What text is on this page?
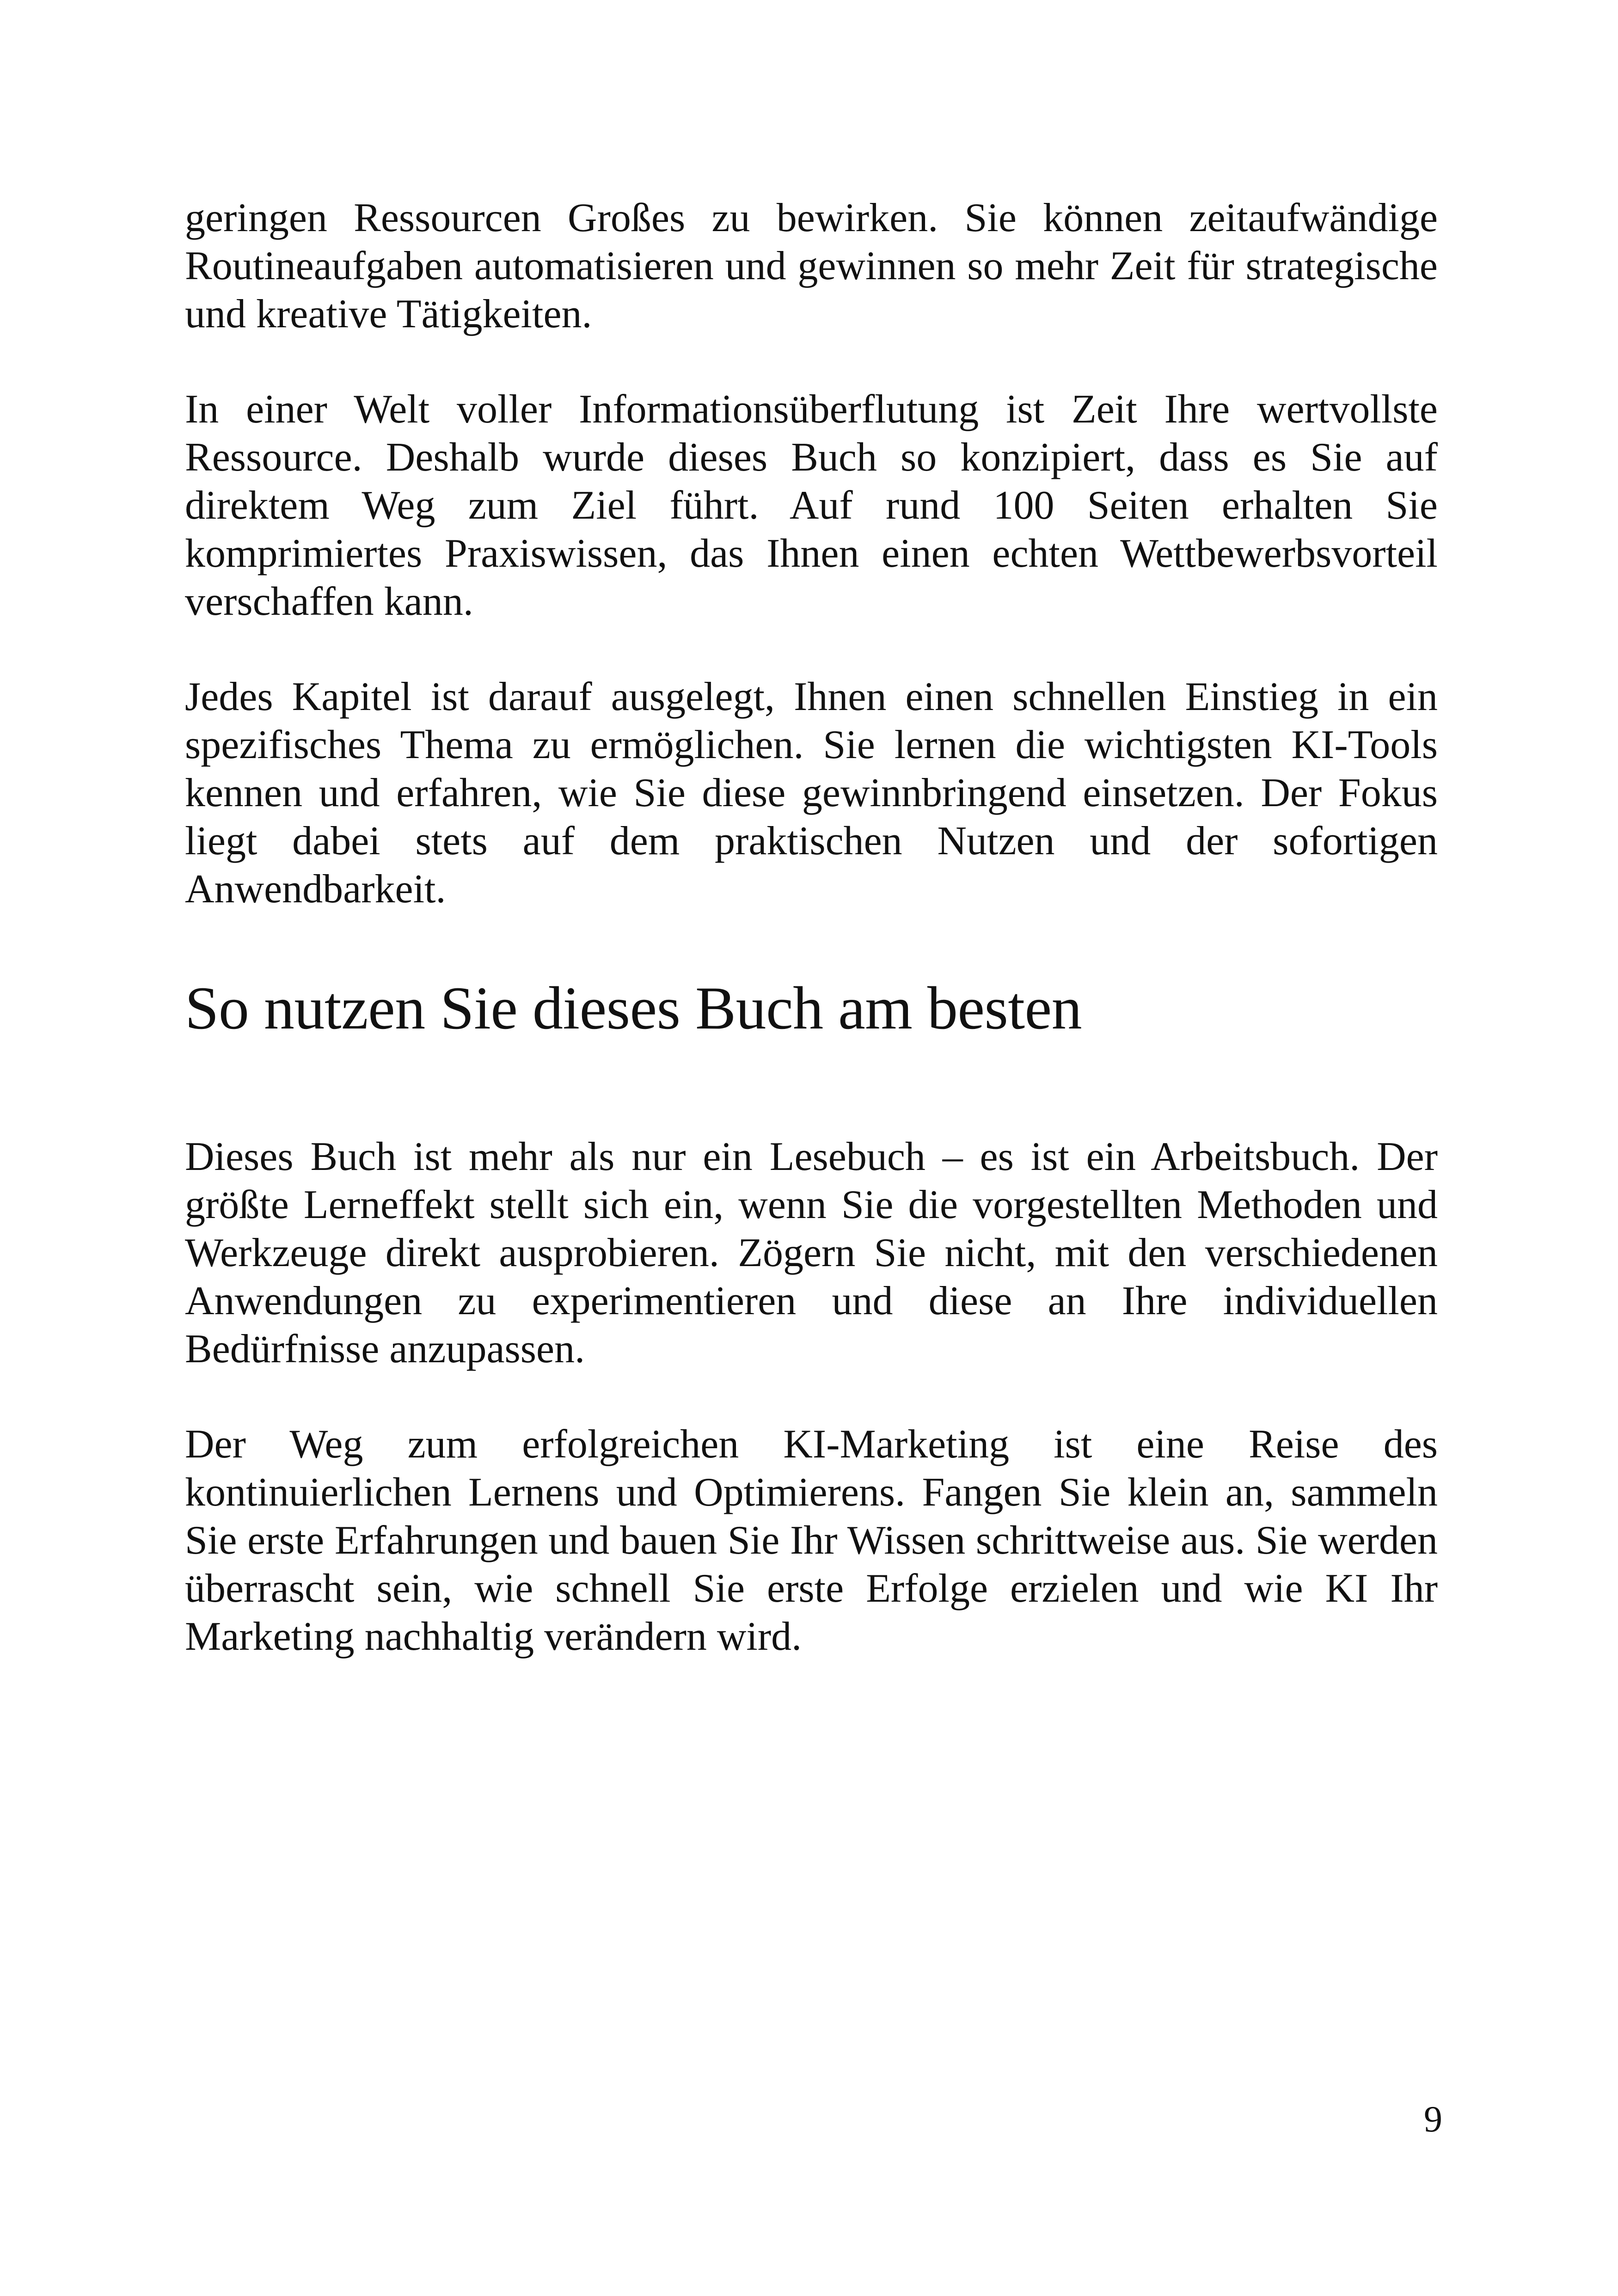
geringen Ressourcen Großes zu bewirken. Sie können zeitaufwändige Routineaufgaben automatisieren und gewinnen so mehr Zeit für strategische und kreative Tätigkeiten.

In einer Welt voller Informationsüberflutung ist Zeit Ihre wertvollste Ressource. Deshalb wurde dieses Buch so konzipiert, dass es Sie auf direktem Weg zum Ziel führt. Auf rund 100 Seiten erhalten Sie komprimiertes Praxiswissen, das Ihnen einen echten Wettbewerbsvorteil verschaffen kann.

Jedes Kapitel ist darauf ausgelegt, Ihnen einen schnellen Einstieg in ein spezifisches Thema zu ermöglichen. Sie lernen die wichtigsten KI-Tools kennen und erfahren, wie Sie diese gewinnbringend einsetzen. Der Fokus liegt dabei stets auf dem praktischen Nutzen und der sofortigen Anwendbarkeit.

So nutzen Sie dieses Buch am besten

Dieses Buch ist mehr als nur ein Lesebuch – es ist ein Arbeitsbuch. Der größte Lerneffekt stellt sich ein, wenn Sie die vorgestellten Methoden und Werkzeuge direkt ausprobieren. Zögern Sie nicht, mit den verschiedenen Anwendungen zu experimentieren und diese an Ihre individuellen Bedürfnisse anzupassen.

Der Weg zum erfolgreichen KI-Marketing ist eine Reise des kontinuierlichen Lernens und Optimierens. Fangen Sie klein an, sammeln Sie erste Erfahrungen und bauen Sie Ihr Wissen schrittweise aus. Sie werden überrascht sein, wie schnell Sie erste Erfolge erzielen und wie KI Ihr Marketing nachhaltig verändern wird.

9
